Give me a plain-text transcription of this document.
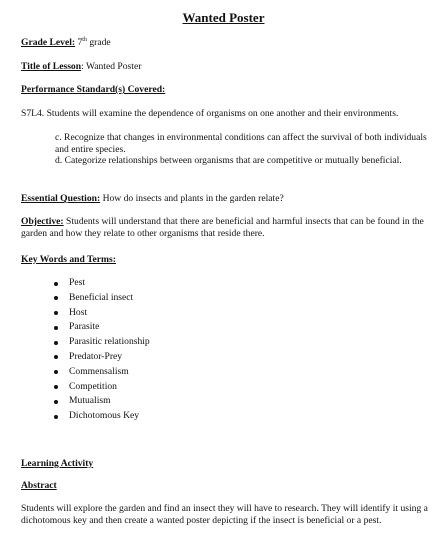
Wanted Poster
Grade Level: 7th grade
Title of Lesson: Wanted Poster
Performance Standard(s) Covered:
S7L4. Students will examine the dependence of organisms on one another and their environments.
c. Recognize that changes in environmental conditions can affect the survival of both individuals and entire species.
d. Categorize relationships between organisms that are competitive or mutually beneficial.
Essential Question: How do insects and plants in the garden relate?
Objective: Students will understand that there are beneficial and harmful insects that can be found in the garden and how they relate to other organisms that reside there.
Key Words and Terms:
Pest
Beneficial insect
Host
Parasite
Parasitic relationship
Predator-Prey
Commensalism
Competition
Mutualism
Dichotomous Key
Learning Activity
Abstract
Students will explore the garden and find an insect they will have to research. They will identify it using a dichotomous key and then create a wanted poster depicting if the insect is beneficial or a pest.
